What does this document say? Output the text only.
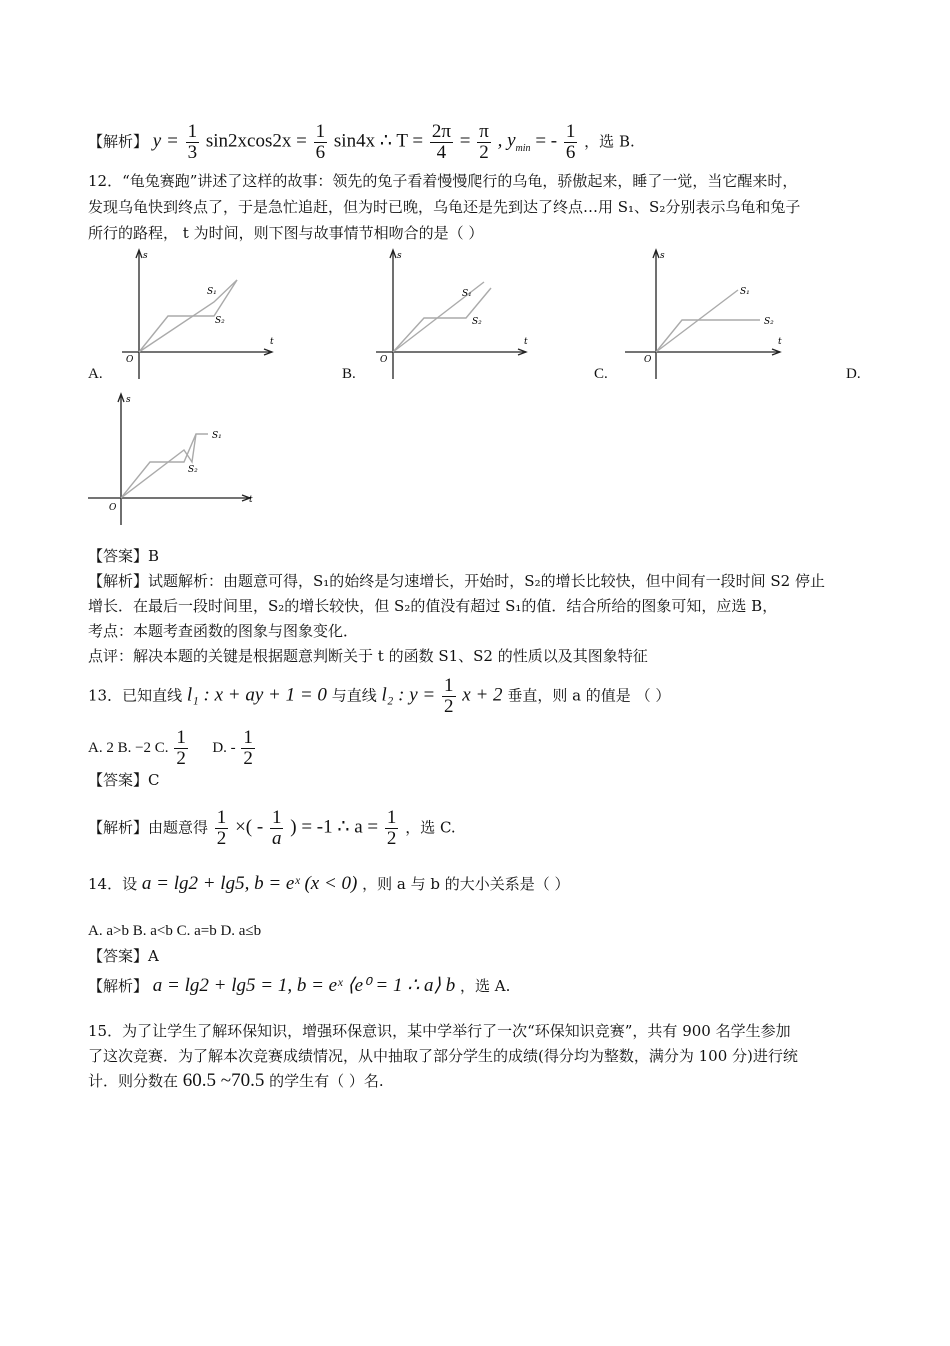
【解析】 $y = \frac{1}{3} \sin 2xcos2x = \frac{1}{6} \sin 4x$ ∴ $T = \frac{2\pi}{4} = \frac{\pi}{2}$ , $y_{min}$ = - $\frac{1}{6}$ ，选 B.
12．“龟兔赛跑”讲述了这样的故事：领先的兔子看着慢慢爬行的乌龟，骄傲起来，睡了一觉，当它醒来时，
发现乌龟快到终点了，于是急忙追赶，但为时已晚，乌龟还是先到达了终点…用 S₁、S₂分别表示乌龟和兔子
所行的路程， t 为时间，则下图与故事情节相吻合的是（ ）
s
t
O
S₁
S₂
A.
s
t
O
S₁
S₂
B.
s
t
O
S₁
S₂
C.	D.
s
t
O
S₁
S₂
【答案】B
【解析】试题解析：由题意可得，S₁的始终是匀速增长，开始时，S₂的增长比较快，但中间有一段时间 S2 停止
增长．在最后一段时间里，S₂的增长较快，但 S₂的值没有超过 S₁的值．结合所给的图象可知，应选 B，
考点：本题考查函数的图象与图象变化．
点评：解决本题的关键是根据题意判断关于 t 的函数 S1、S2 的性质以及其图象特征
13．已知直线 l₁ : x + ay + 1 = 0 与直线 l₂ : $y = \frac{1}{2}$ x + 2 垂直，则 a 的值是 （ ）
A. 2 B. −2 C. $\frac{1}{2} D$. - $\frac{1}{2}$
【答案】C
【解析】由题意得 $\frac{1}{2}$ ×( - $\frac{1}{a}$ ) = -1 ∴ $a = \frac{1}{2}$ ，选 C.
14．设 a = lg2 + lg5, b = eˣ (x < 0) ，则 a 与 b 的大小关系是（ ）
A. a>b B. a<b C. a=b D. a≤b
【答案】A
【解析】 a = lg2 + lg5 = 1, b = eˣ ⟨e⁰ = 1 ∴ a⟩ b ，选 A.
15．为了让学生了解环保知识，增强环保意识，某中学举行了一次“环保知识竞赛”，共有 900 名学生参加
了这次竞赛．为了解本次竞赛成绩情况，从中抽取了部分学生的成绩(得分均为整数，满分为 100 分)进行统
计．则分数在 60.5 ~70.5 的学生有（ ）名.
